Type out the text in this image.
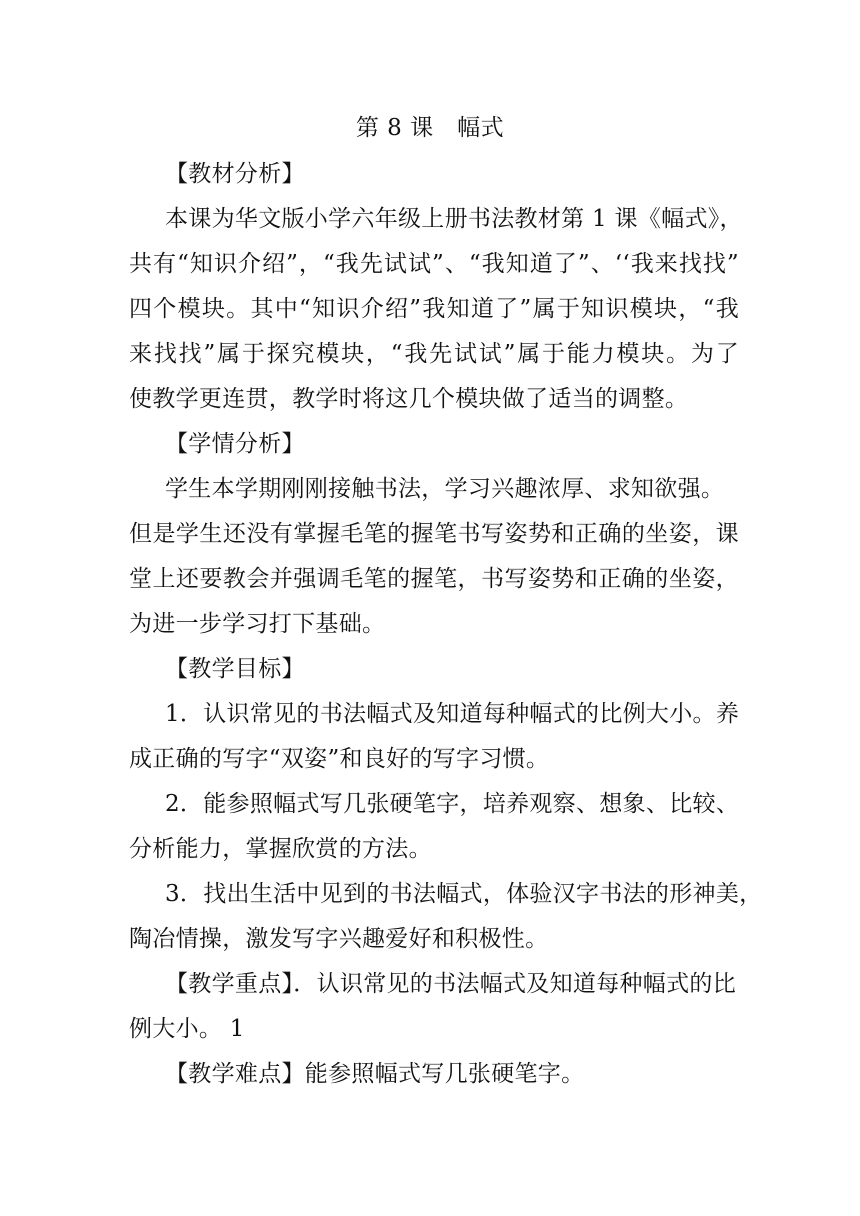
第 8 课　幅式
【教材分析】
本课为华文版小学六年级上册书法教材第 1 课《幅式》，
共有“知识介绍”，“我先试试”、“我知道了”、‘‘我来找找”
四个模块。其中“知识介绍”我知道了”属于知识模块，“我
来找找”属于探究模块，“我先试试”属于能力模块。为了
使教学更连贯，教学时将这几个模块做了适当的调整。
【学情分析】
学生本学期刚刚接触书法，学习兴趣浓厚、求知欲强。
但是学生还没有掌握毛笔的握笔书写姿势和正确的坐姿，课
堂上还要教会并强调毛笔的握笔，书写姿势和正确的坐姿，
为进一步学习打下基础。
【教学目标】
1．认识常见的书法幅式及知道每种幅式的比例大小。养
成正确的写字“双姿”和良好的写字习惯。
2．能参照幅式写几张硬笔字，培养观察、想象、比较、
分析能力，掌握欣赏的方法。
3．找出生活中见到的书法幅式，体验汉字书法的形神美，
陶冶情操，激发写字兴趣爱好和积极性。
【教学重点】．认识常见的书法幅式及知道每种幅式的比
例大小。 1
【教学难点】能参照幅式写几张硬笔字。
